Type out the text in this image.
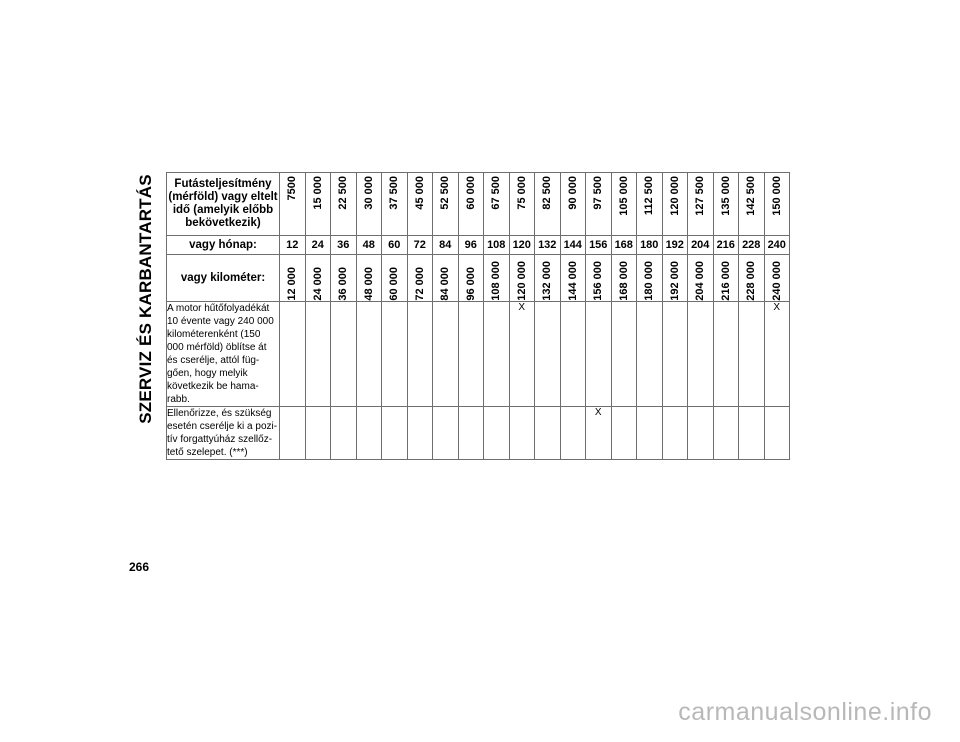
SZERVIZ ÉS KARBANTARTÁS Futásteljesítmény (mérföld) vagy eltelt idő (amelyik előbb bekövetkezik)	7500	15 000	22 500	30 000	37 500	45 000	52 500	60 000	67 500	75 000	82 500	90 000	97 500	105 000	112 500	120 000	127 500	135 000	142 500	150 000

vagy hónap:	12	24	36	48	60	72	84	96	108	120	132	144	156	168	180	192	204	216	228	240
vagy kilométer:	12 000	24 000	36 000	48 000	60 000	72 000	84 000	96 000	108 000	120 000	132 000	144 000	156 000	168 000	180 000	192 000	204 000	216 000	228 000	240 000

A motor hűtőfolyadékát 10 évente vagy 240 000 kilométerenként (150 000 mérföld) öblítse át és cserélje, attól füg-gően, hogy melyik következik be hama-rabb.										X										X
Ellenőrizze, és szükség esetén cserélje ki a pozi-tív forgattyúház szellőz-tető szelepet. (***)													X							
266
carmanualsonline.info
